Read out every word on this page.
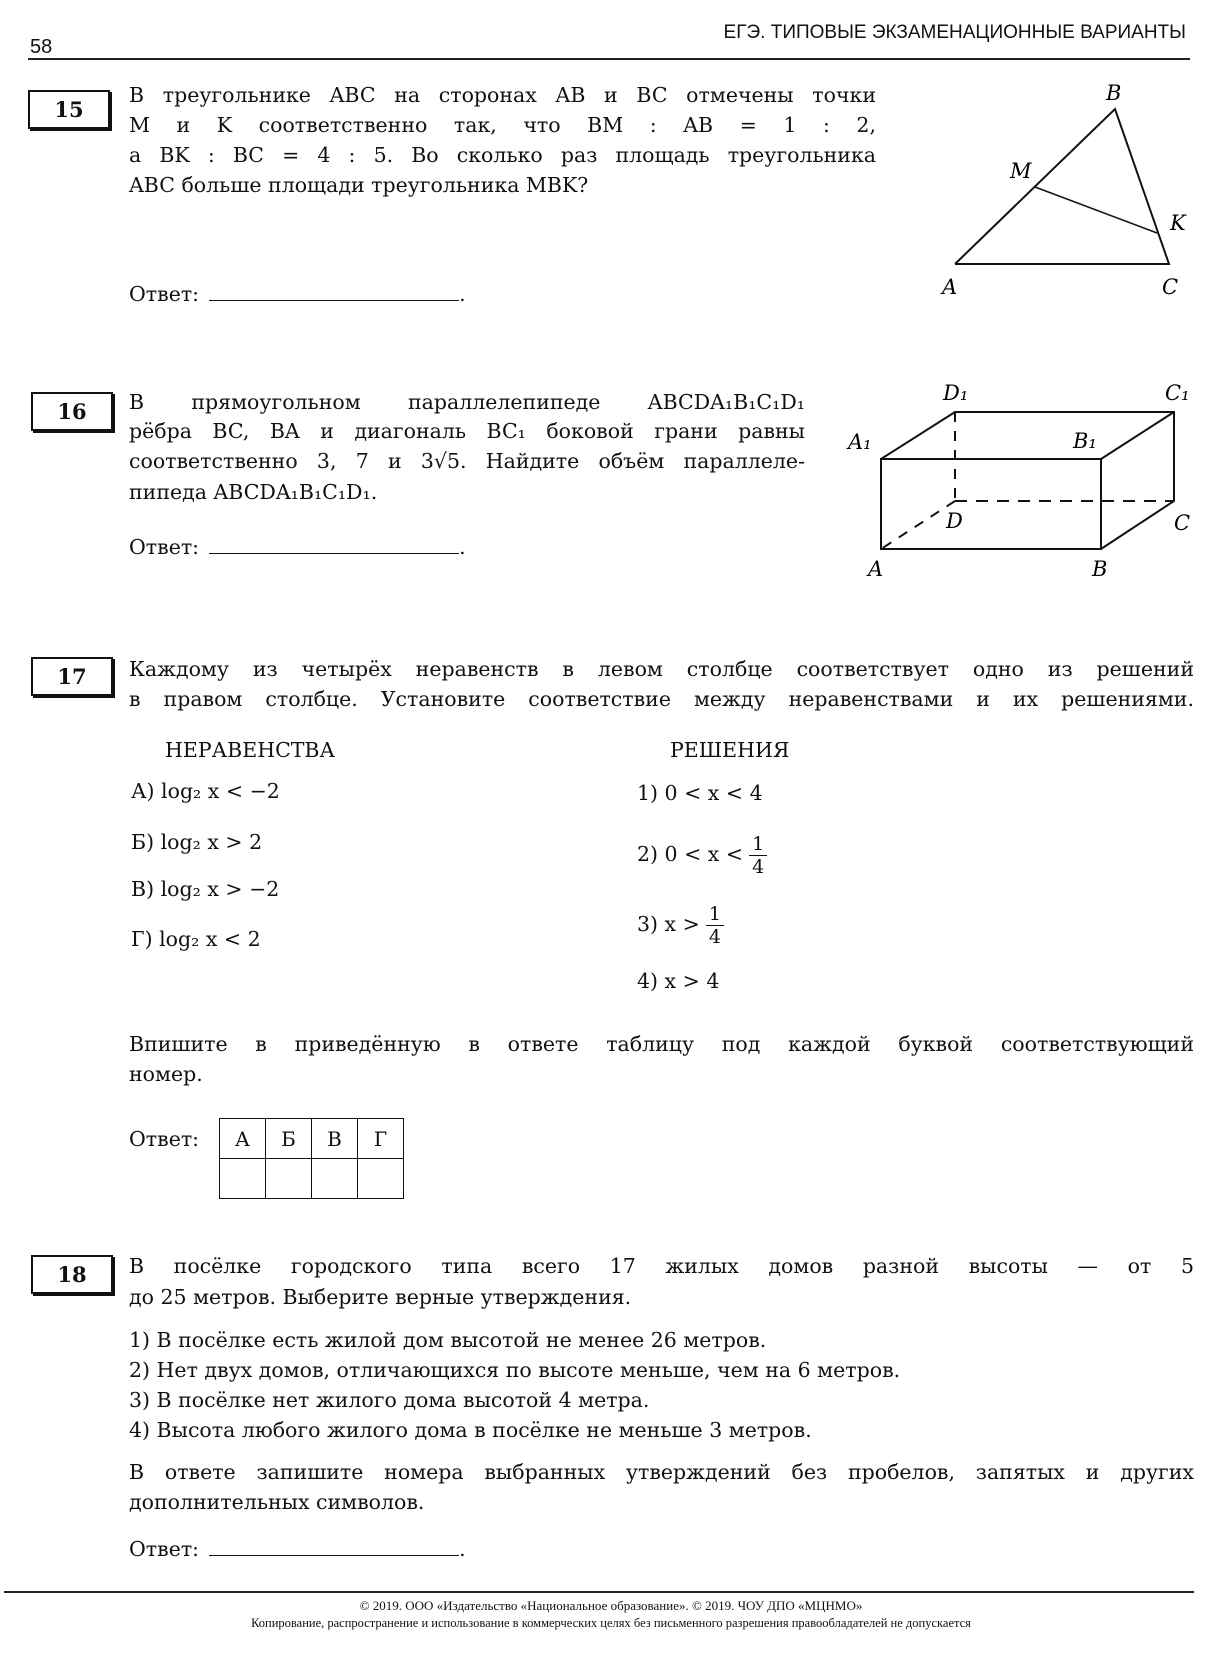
58
ЕГЭ. ТИПОВЫЕ ЭКЗАМЕНАЦИОННЫЕ ВАРИАНТЫ
15
В треугольнике ABC на сторонах AB и BC отмечены точки
M и K соответственно так, что BM : AB = 1 : 2,
а BK : BC = 4 : 5. Во сколько раз площадь треугольника
ABC больше площади треугольника MBK?
Ответ:	.	A
B
C
M
K
16	В прямоугольном параллелепипеде ABCDA₁B₁C₁D₁
рёбра BC, BA и диагональ BC₁ боковой грани равны
соответственно 3, 7 и 3√5. Найдите объём параллеле-
пипеда ABCDA₁B₁C₁D₁.
Ответ:	.
A	B
C
D
A₁	B₁
C₁
D₁
17	Каждому из четырёх неравенств в левом столбце соответствует одно из решений
в правом столбце. Установите соответствие между неравенствами и их решениями.
НЕРАВЕНСТВА	РЕШЕНИЯ
А) log₂ x < −2
Б) log₂ x > 2
В) log₂ x > −2
Г) log₂ x < 2
1) 0 < x < 4
2) $0 < x < \frac{1}{4}$
3) $x > \frac{1}{4}$
4) x > 4
Впишите в приведённую в ответе таблицу под каждой буквой соответствующий
номер.
Ответ: А	Б	В	Г

18	В посёлке городского типа всего 17 жилых домов разной высоты — от 5
до 25 метров. Выберите верные утверждения.
1) В посёлке есть жилой дом высотой не менее 26 метров.
2) Нет двух домов, отличающихся по высоте меньше, чем на 6 метров.
3) В посёлке нет жилого дома высотой 4 метра.
4) Высота любого жилого дома в посёлке не меньше 3 метров.
В ответе запишите номера выбранных утверждений без пробелов, запятых и других
дополнительных символов.
Ответ:	.
© 2019. ООО «Издательство «Национальное образование». © 2019. ЧОУ ДПО «МЦНМО»
Копирование, распространение и использование в коммерческих целях без письменного разрешения правообладателей не допускается
